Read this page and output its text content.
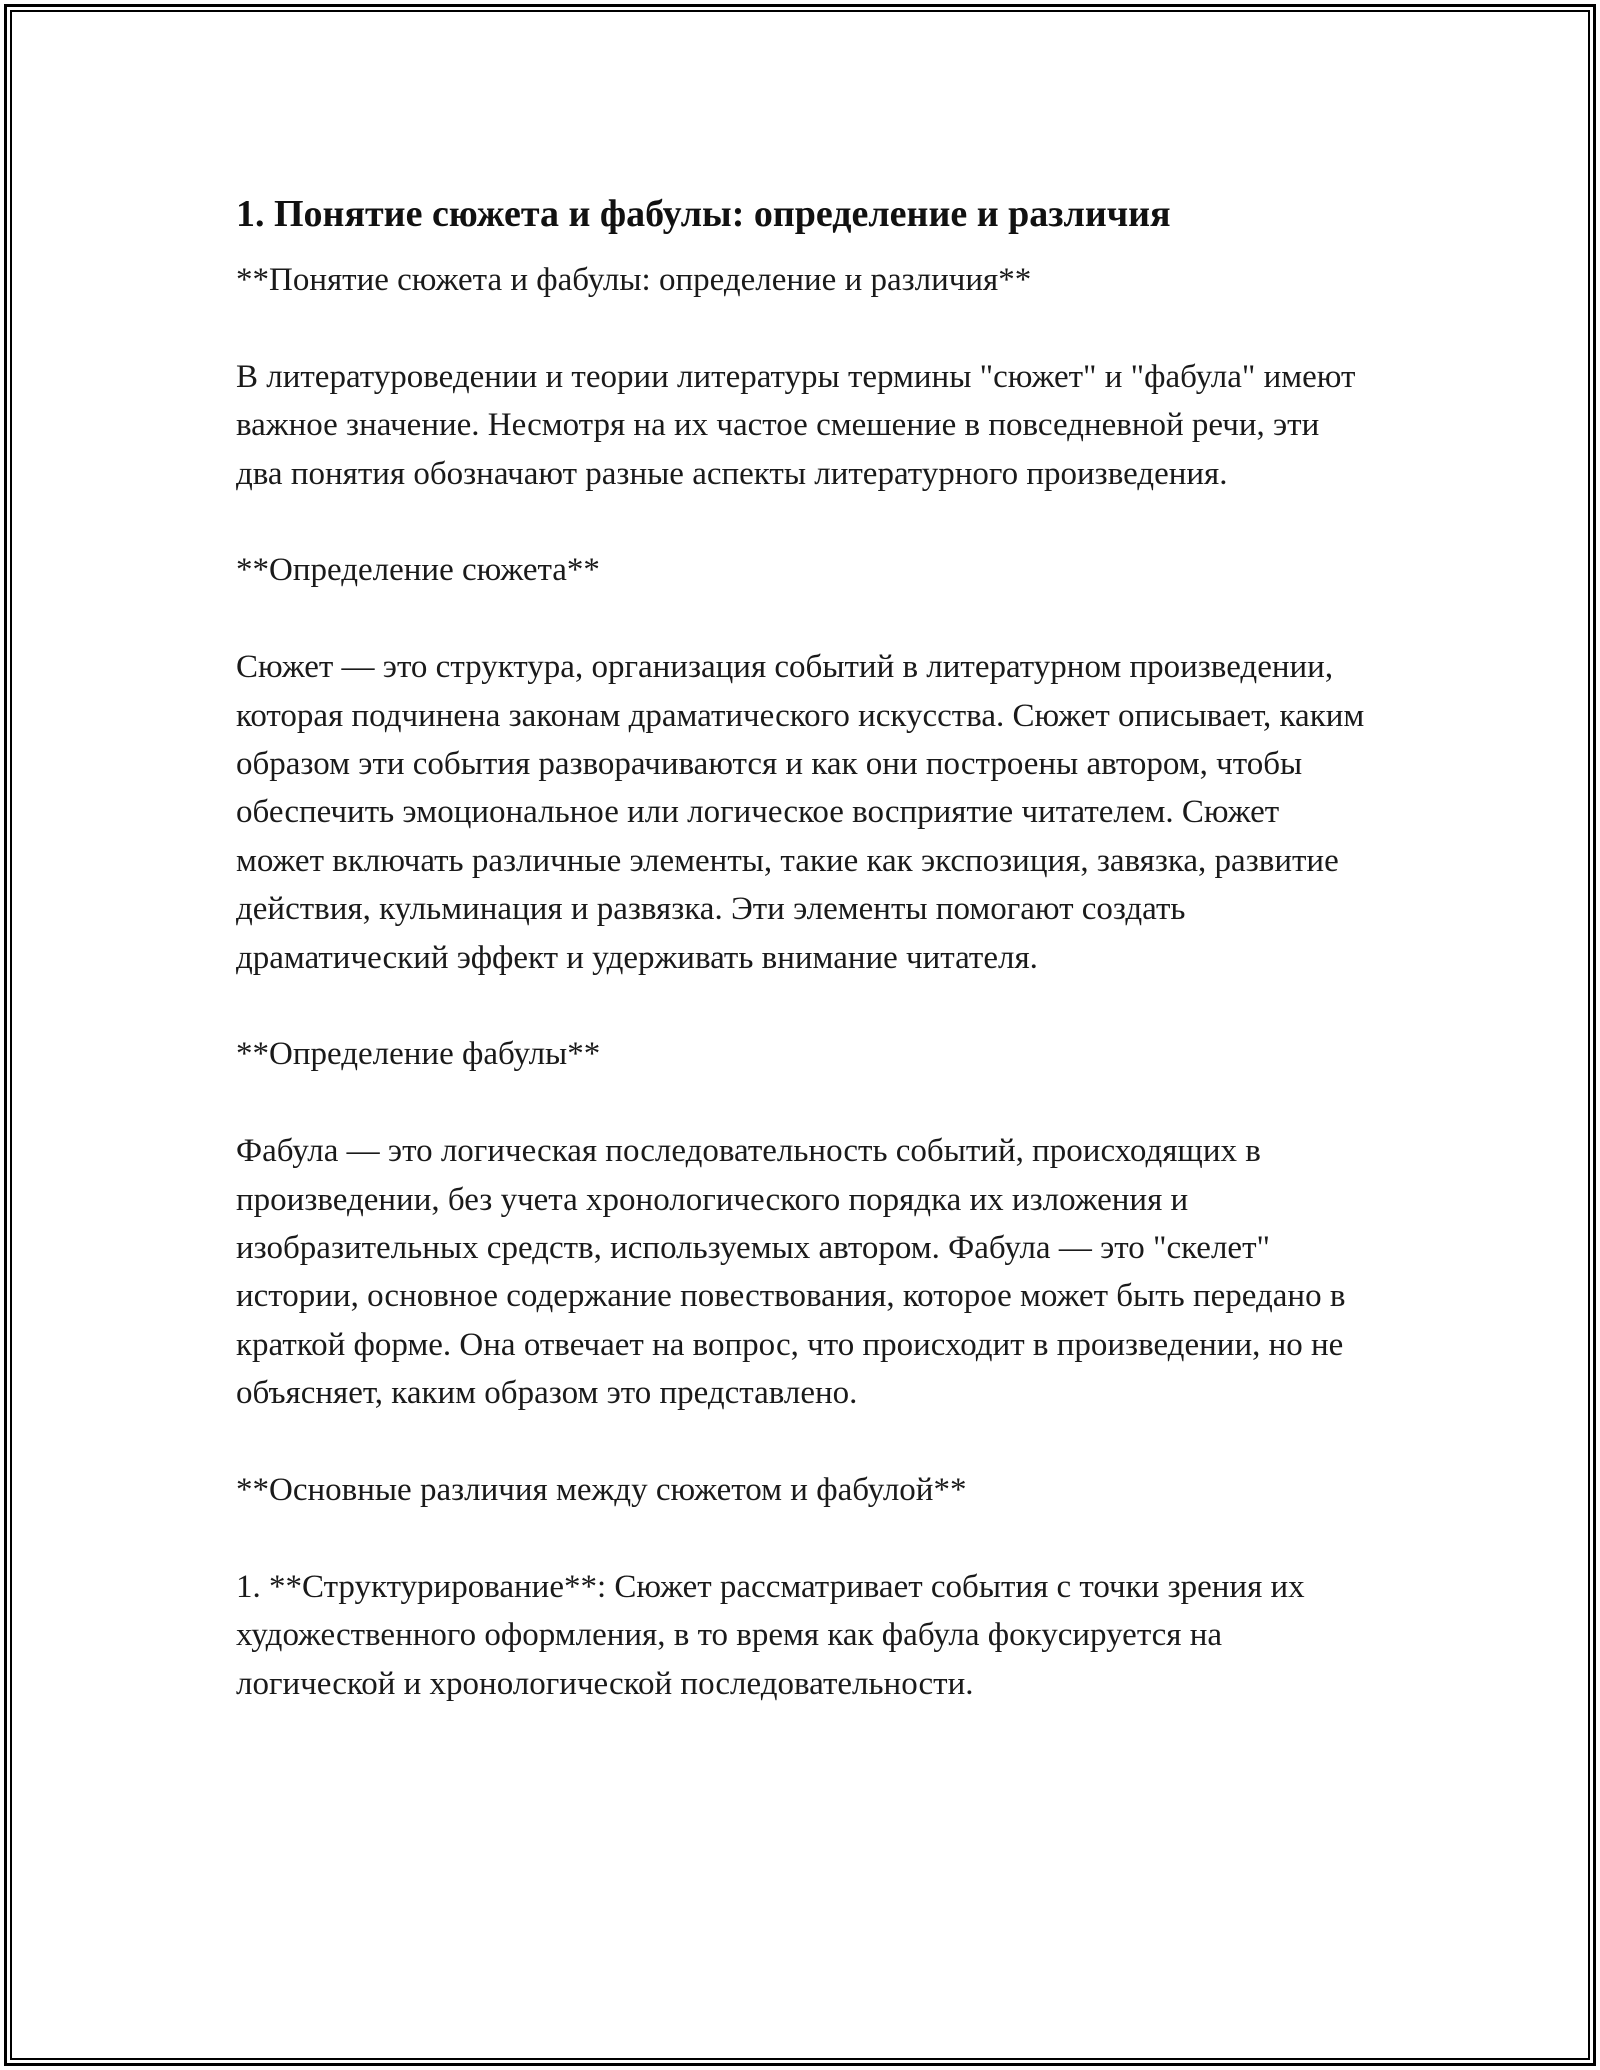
1. Понятие сюжета и фабулы: определение и различия

**Понятие сюжета и фабулы: определение и различия**

В литературоведении и теории литературы термины "сюжет" и "фабула" имеют важное значение. Несмотря на их частое смешение в повседневной речи, эти два понятия обозначают разные аспекты литературного произведения.

**Определение сюжета**

Сюжет — это структура, организация событий в литературном произведении, которая подчинена законам драматического искусства. Сюжет описывает, каким образом эти события разворачиваются и как они построены автором, чтобы обеспечить эмоциональное или логическое восприятие читателем. Сюжет может включать различные элементы, такие как экспозиция, завязка, развитие действия, кульминация и развязка. Эти элементы помогают создать драматический эффект и удерживать внимание читателя.

**Определение фабулы**

Фабула — это логическая последовательность событий, происходящих в произведении, без учета хронологического порядка их изложения и изобразительных средств, используемых автором. Фабула — это "скелет" истории, основное содержание повествования, которое может быть передано в краткой форме. Она отвечает на вопрос, что происходит в произведении, но не объясняет, каким образом это представлено.

**Основные различия между сюжетом и фабулой**

1. **Структурирование**: Сюжет рассматривает события с точки зрения их художественного оформления, в то время как фабула фокусируется на логической и хронологической последовательности.
